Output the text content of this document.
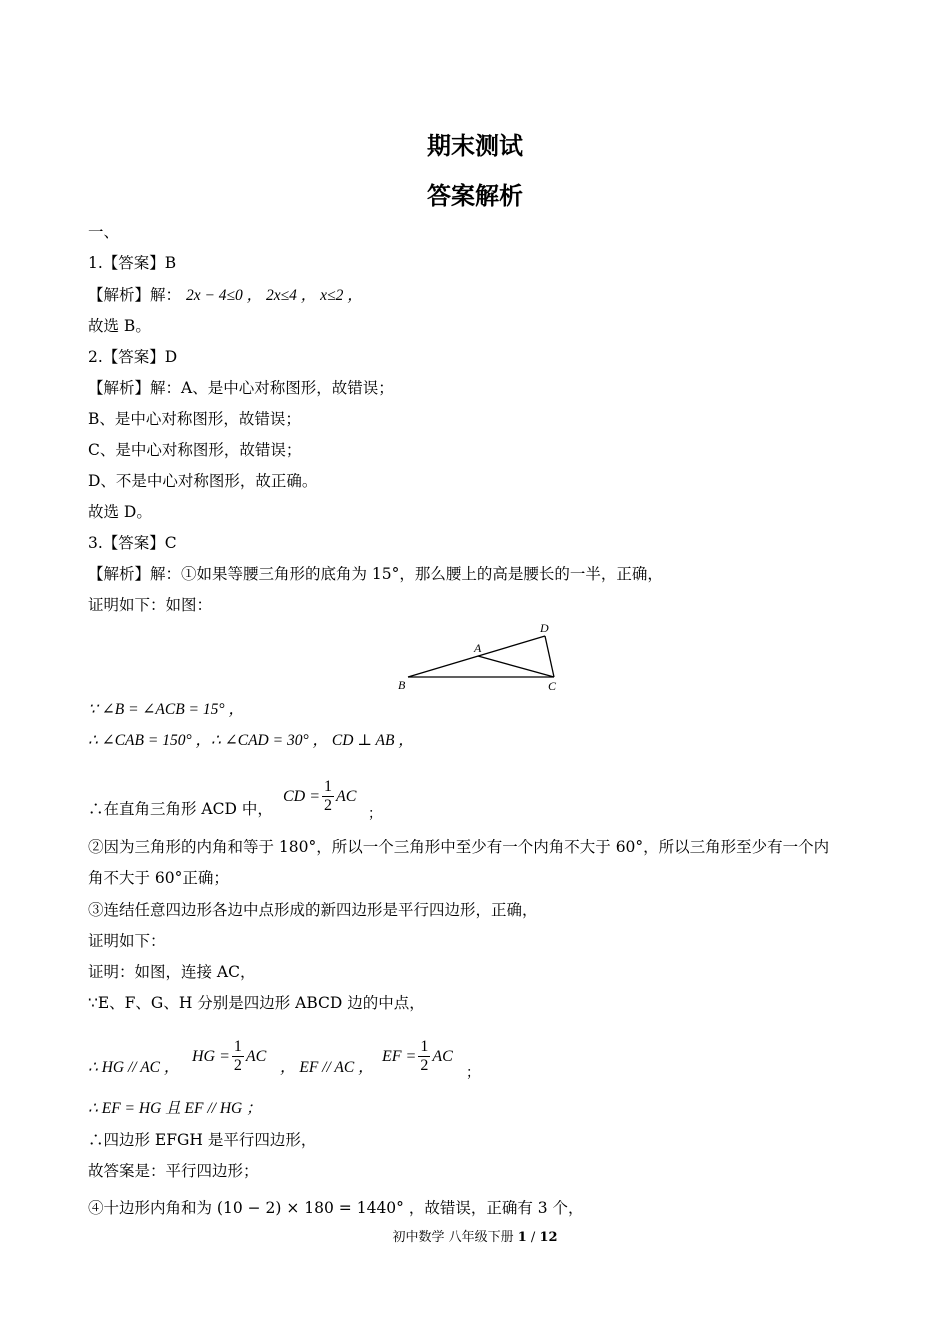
期末测试
答案解析
一、
1.【答案】B
【解析】解： 2x − 4≤0 ， 2x≤4 ， x≤2 ，
故选 B。
2.【答案】D
【解析】解：A、是中心对称图形，故错误；
B、是中心对称图形，故错误；
C、是中心对称图形，故错误；
D、不是中心对称图形，故正确。
故选 D。
3.【答案】C
【解析】解：①如果等腰三角形的底角为 15°，那么腰上的高是腰长的一半，正确，
证明如下：如图：
B	C
A
D
∵ ∠B = ∠ACB = 15° ，
∴ ∠CAB = 150° ，∴ ∠CAD = 30° ， CD ⊥ AB ，
∴在直角三角形 ACD 中，
CD = $\frac{1}{2}$ AC
；
②因为三角形的内角和等于 180°，所以一个三角形中至少有一个内角不大于 60°，所以三角形至少有一个内
角不大于 60°正确；
③连结任意四边形各边中点形成的新四边形是平行四边形，正确，
证明如下：
证明：如图，连接 AC，
∵E、F、G、H 分别是四边形 ABCD 边的中点，
∴ HG // AC ，
HG = $\frac{1}{2}$ AC
， EF // AC ，
EF = $\frac{1}{2}$ AC
；
∴ EF = HG 且 EF // HG ；
∴四边形 EFGH 是平行四边形，
故答案是：平行四边形；
④十边形内角和为 (10 − 2) × 180 = 1440° ，故错误，正确有 3 个，
初中数学 八年级下册 1 / 12
